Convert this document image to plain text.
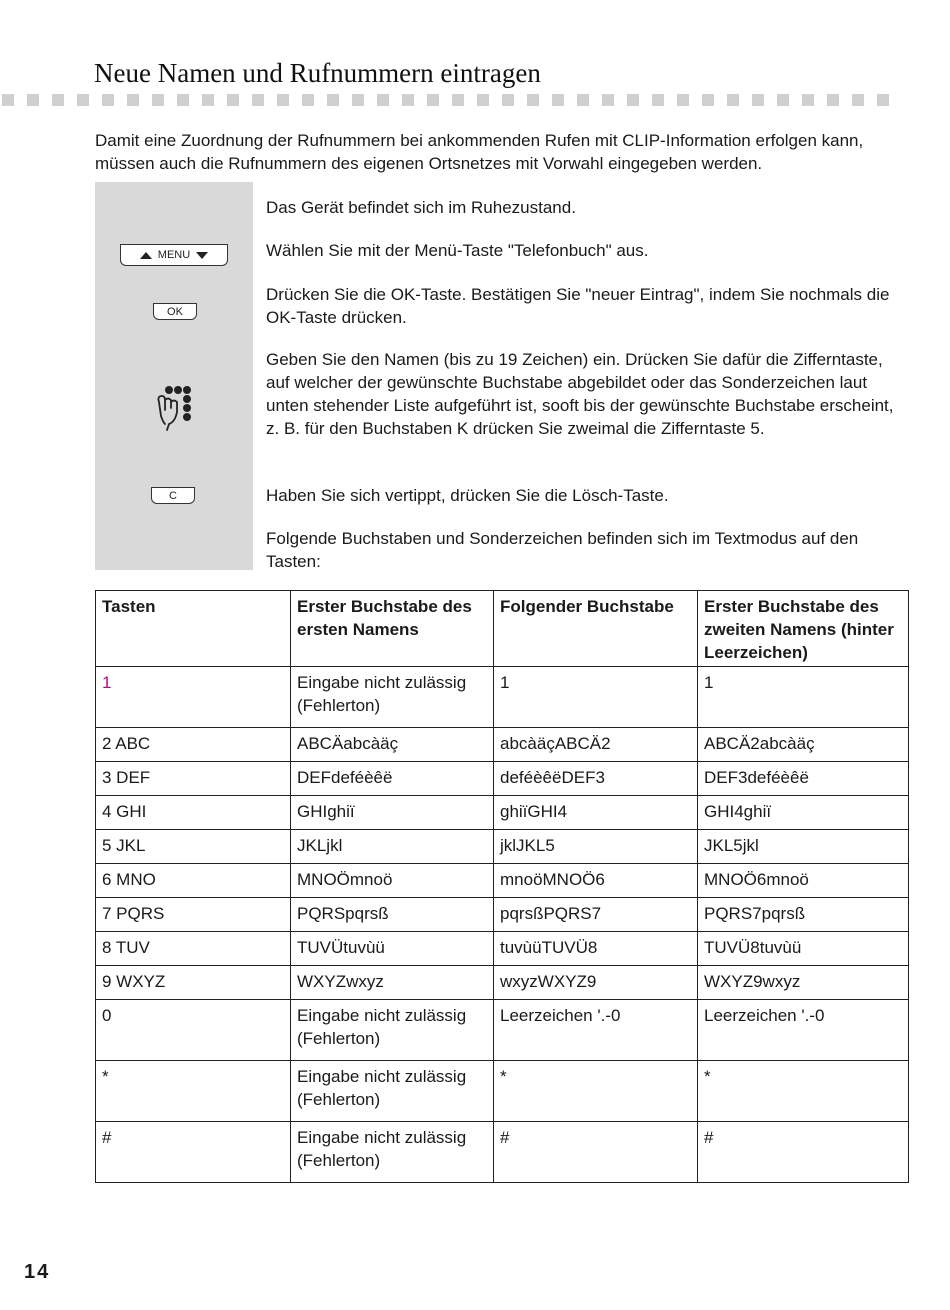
Neue Namen und Rufnummern eintragen

Damit eine Zuordnung der Rufnummern bei ankommenden Rufen mit CLIP-Information erfolgen kann, müssen auch die Rufnummern des eigenen Ortsnetzes mit Vorwahl eingegeben werden.

MENU
OK
C

Das Gerät befindet sich im Ruhezustand.

Wählen Sie mit der Menü-Taste "Telefonbuch" aus.

Drücken Sie die OK-Taste. Bestätigen Sie "neuer Eintrag", indem Sie nochmals die OK-Taste drücken.

Geben Sie den Namen (bis zu 19 Zeichen) ein. Drücken Sie dafür die Zifferntaste, auf welcher der gewünschte Buchstabe abgebildet oder das Sonderzeichen laut unten stehender Liste aufgeführt ist, sooft bis der gewünschte Buchstabe erscheint, z. B. für den Buchstaben K drücken Sie zweimal die Zifferntaste 5.

Haben Sie sich vertippt, drücken Sie die Lösch-Taste.

Folgende Buchstaben und Sonderzeichen befinden sich im Textmodus auf den Tasten:

Tasten	Erster Buchstabe des ersten Namens	Folgender Buchstabe	Erster Buchstabe des zweiten Namens (hinter Leerzeichen)
1	Eingabe nicht zulässig (Fehlerton)	1	1
2 ABC	ABCÄabcàäç	abcàäçABCÄ2	ABCÄ2abcàäç
3 DEF	DEFdeféèêë	deféèêëDEF3	DEF3deféèêë
4 GHI	GHIghiï	ghiïGHI4	GHI4ghiï
5 JKL	JKLjkl	jklJKL5	JKL5jkl
6 MNO	MNOÖmnoö	mnoöMNOÖ6	MNOÖ6mnoö
7 PQRS	PQRSpqrsß	pqrsßPQRS7	PQRS7pqrsß
8 TUV	TUVÜtuvùü	tuvùüTUVÜ8	TUVÜ8tuvùü
9 WXYZ	WXYZwxyz	wxyzWXYZ9	WXYZ9wxyz
0	Eingabe nicht zulässig (Fehlerton)	Leerzeichen '.-0	Leerzeichen '.-0
*	Eingabe nicht zulässig (Fehlerton)	*	*
#	Eingabe nicht zulässig (Fehlerton)	#	#
14
